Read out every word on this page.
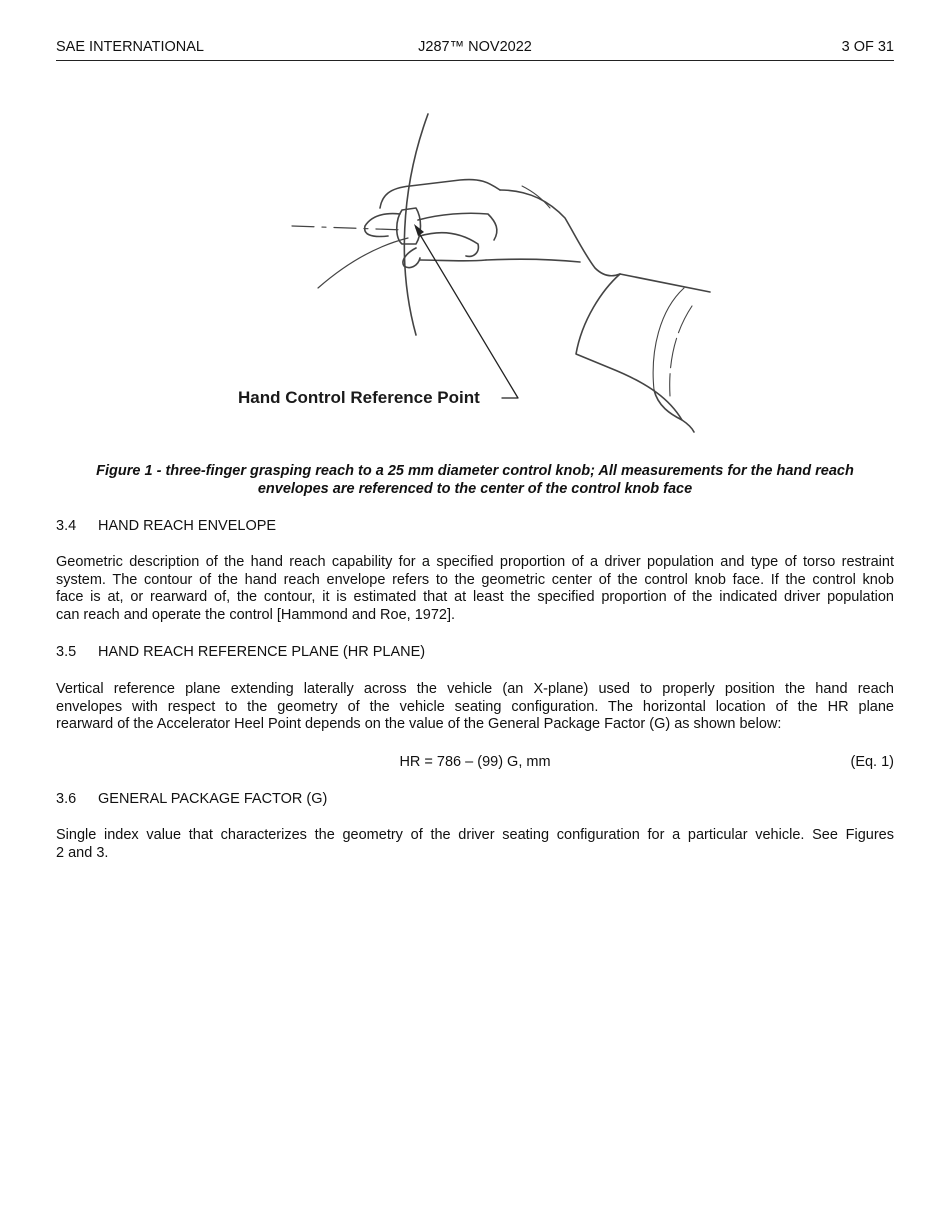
SAE INTERNATIONAL	J287™ NOV2022	3 OF 31
Hand Control Reference Point
Figure 1 - three-finger grasping reach to a 25 mm diameter control knob; All measurements for the hand reach
envelopes are referenced to the center of the control knob face
3.4 HAND REACH ENVELOPE
Geometric description of the hand reach capability for a specified proportion of a driver population and type of torso restraint
system. The contour of the hand reach envelope refers to the geometric center of the control knob face. If the control knob
face is at, or rearward of, the contour, it is estimated that at least the specified proportion of the indicated driver population
can reach and operate the control [Hammond and Roe, 1972].
3.5 HAND REACH REFERENCE PLANE (HR PLANE)
Vertical reference plane extending laterally across the vehicle (an X-plane) used to properly position the hand reach
envelopes with respect to the geometry of the vehicle seating configuration. The horizontal location of the HR plane
rearward of the Accelerator Heel Point depends on the value of the General Package Factor (G) as shown below:
HR = 786 – (99) G, mm	(Eq. 1)
3.6 GENERAL PACKAGE FACTOR (G)
Single index value that characterizes the geometry of the driver seating configuration for a particular vehicle. See Figures
2 and 3.
